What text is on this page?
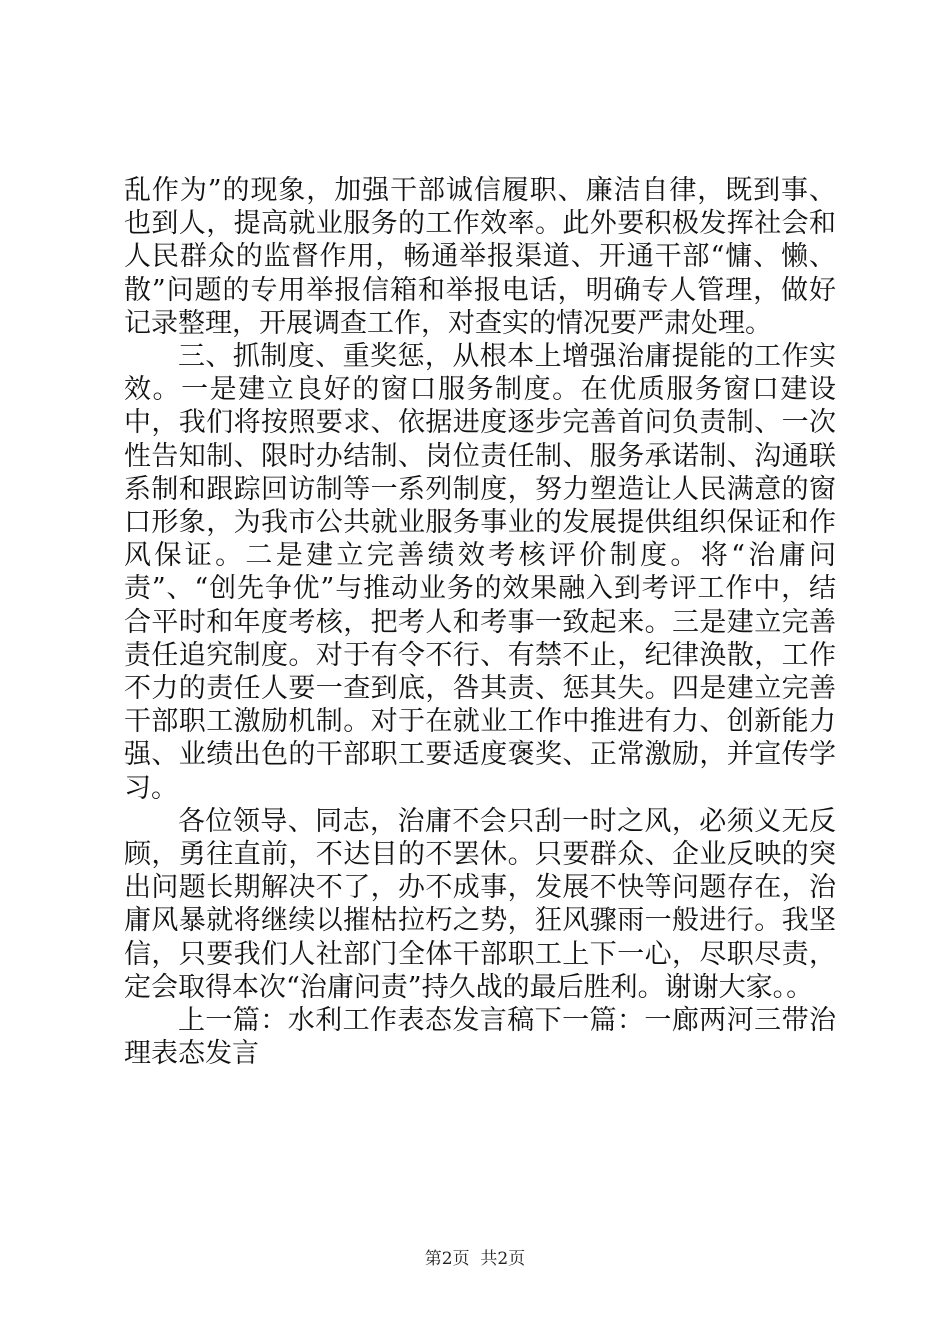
乱作为”的现象，加强干部诚信履职、廉洁自律，既到事、也到人，提高就业服务的工作效率。此外要积极发挥社会和人民群众的监督作用，畅通举报渠道、开通干部“慵、懒、散”问题的专用举报信箱和举报电话，明确专人管理，做好记录整理，开展调查工作，对查实的情况要严肃处理。

三、抓制度、重奖惩，从根本上增强治庸提能的工作实效。一是建立良好的窗口服务制度。在优质服务窗口建设中，我们将按照要求、依据进度逐步完善首问负责制、一次性告知制、限时办结制、岗位责任制、服务承诺制、沟通联系制和跟踪回访制等一系列制度，努力塑造让人民满意的窗口形象，为我市公共就业服务事业的发展提供组织保证和作风保证。二是建立完善绩效考核评价制度。将“治庸问责”、“创先争优”与推动业务的效果融入到考评工作中，结合平时和年度考核，把考人和考事一致起来。三是建立完善责任追究制度。对于有令不行、有禁不止，纪律涣散，工作不力的责任人要一查到底，咎其责、惩其失。四是建立完善干部职工激励机制。对于在就业工作中推进有力、创新能力强、业绩出色的干部职工要适度褒奖、正常激励，并宣传学习。

各位领导、同志，治庸不会只刮一时之风，必须义无反顾，勇往直前，不达目的不罢休。只要群众、企业反映的突出问题长期解决不了，办不成事，发展不快等问题存在，治庸风暴就将继续以摧枯拉朽之势，狂风骤雨一般进行。我坚信，只要我们人社部门全体干部职工上下一心，尽职尽责，定会取得本次“治庸问责”持久战的最后胜利。谢谢大家。。

上一篇：水利工作表态发言稿下一篇：一廊两河三带治理表态发言

第2页  共2页
